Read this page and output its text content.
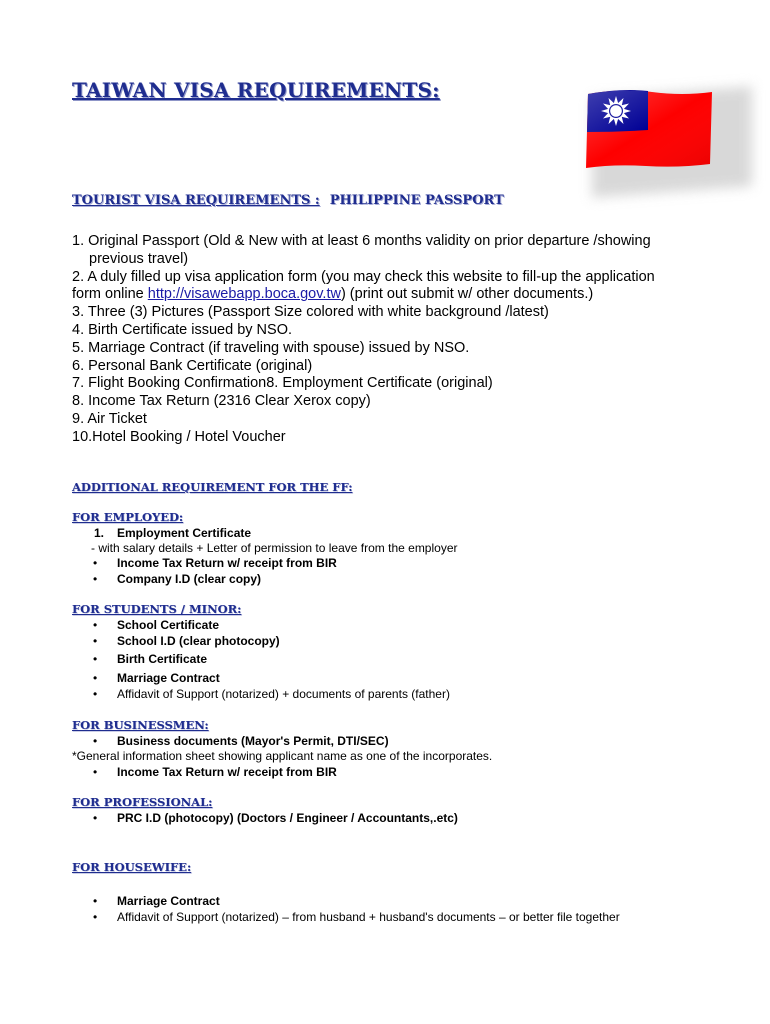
TAIWAN VISA REQUIREMENTS:
TOURIST VISA REQUIREMENTS : PHILIPPINE PASSPORT
1. Original Passport (Old & New with at least 6 months validity on prior departure /showing
previous travel)
2. A duly filled up visa application form (you may check this website to fill-up the application
form online http://visawebapp.boca.gov.tw) (print out submit w/ other documents.)
3. Three (3) Pictures (Passport Size colored with white background /latest)
4. Birth Certificate issued by NSO.
5. Marriage Contract (if traveling with spouse) issued by NSO.
6. Personal Bank Certificate (original)
7. Flight Booking Confirmation8. Employment Certificate (original)
8. Income Tax Return (2316 Clear Xerox copy)
9. Air Ticket
10.Hotel Booking / Hotel Voucher
ADDITIONAL REQUIREMENT FOR THE FF:
FOR EMPLOYED:
1. Employment Certificate
- with salary details + Letter of permission to leave from the employer
• Income Tax Return w/ receipt from BIR
• Company I.D (clear copy)
FOR STUDENTS / MINOR:
• School Certificate
• School I.D (clear photocopy)
• Birth Certificate
• Marriage Contract
• Affidavit of Support (notarized) + documents of parents (father)
FOR BUSINESSMEN:
• Business documents (Mayor's Permit, DTI/SEC)
*General information sheet showing applicant name as one of the incorporates.
• Income Tax Return w/ receipt from BIR
FOR PROFESSIONAL:
• PRC I.D (photocopy) (Doctors / Engineer / Accountants,.etc)
FOR HOUSEWIFE:
• Marriage Contract
• Affidavit of Support (notarized) – from husband + husband's documents – or better file together
